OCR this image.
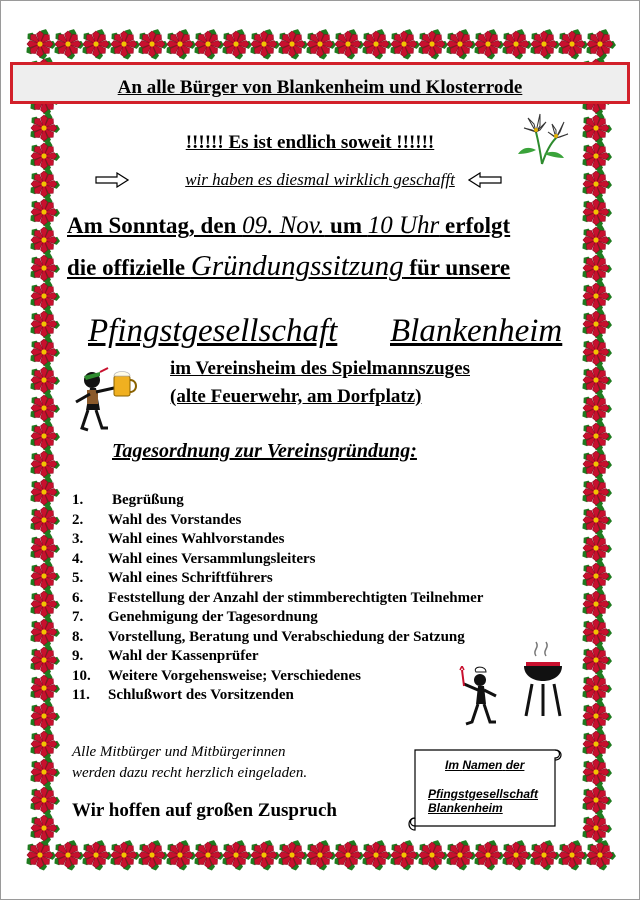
An alle Bürger von Blankenheim und Klosterrode
!!!!!! Es ist endlich soweit !!!!!!
wir haben es diesmal wirklich geschafft
Am Sonntag, den 09. Nov. um 10 Uhr erfolgt
die offizielle Gründungssitzung für unsere
Pfingstgesellschaft Blankenheim
im Vereinsheim des Spielmannszuges
(alte Feuerwehr, am Dorfplatz)
Tagesordnung zur Vereinsgründung:
1. Begrüßung
2. Wahl des Vorstandes
3. Wahl eines Wahlvorstandes
4. Wahl eines Versammlungsleiters
5. Wahl eines Schriftführers
6. Feststellung der Anzahl der stimmberechtigten Teilnehmer
7. Genehmigung der Tagesordnung
8. Vorstellung, Beratung und Verabschiedung der Satzung
9. Wahl der Kassenprüfer
10. Weitere Vorgehensweise; Verschiedenes
11. Schlußwort des Vorsitzenden
Alle Mitbürger und Mitbürgerinnen
werden dazu recht herzlich eingeladen.
Wir hoffen auf großen Zuspruch
Im Namen der
Pfingstgesellschaft
Blankenheim
